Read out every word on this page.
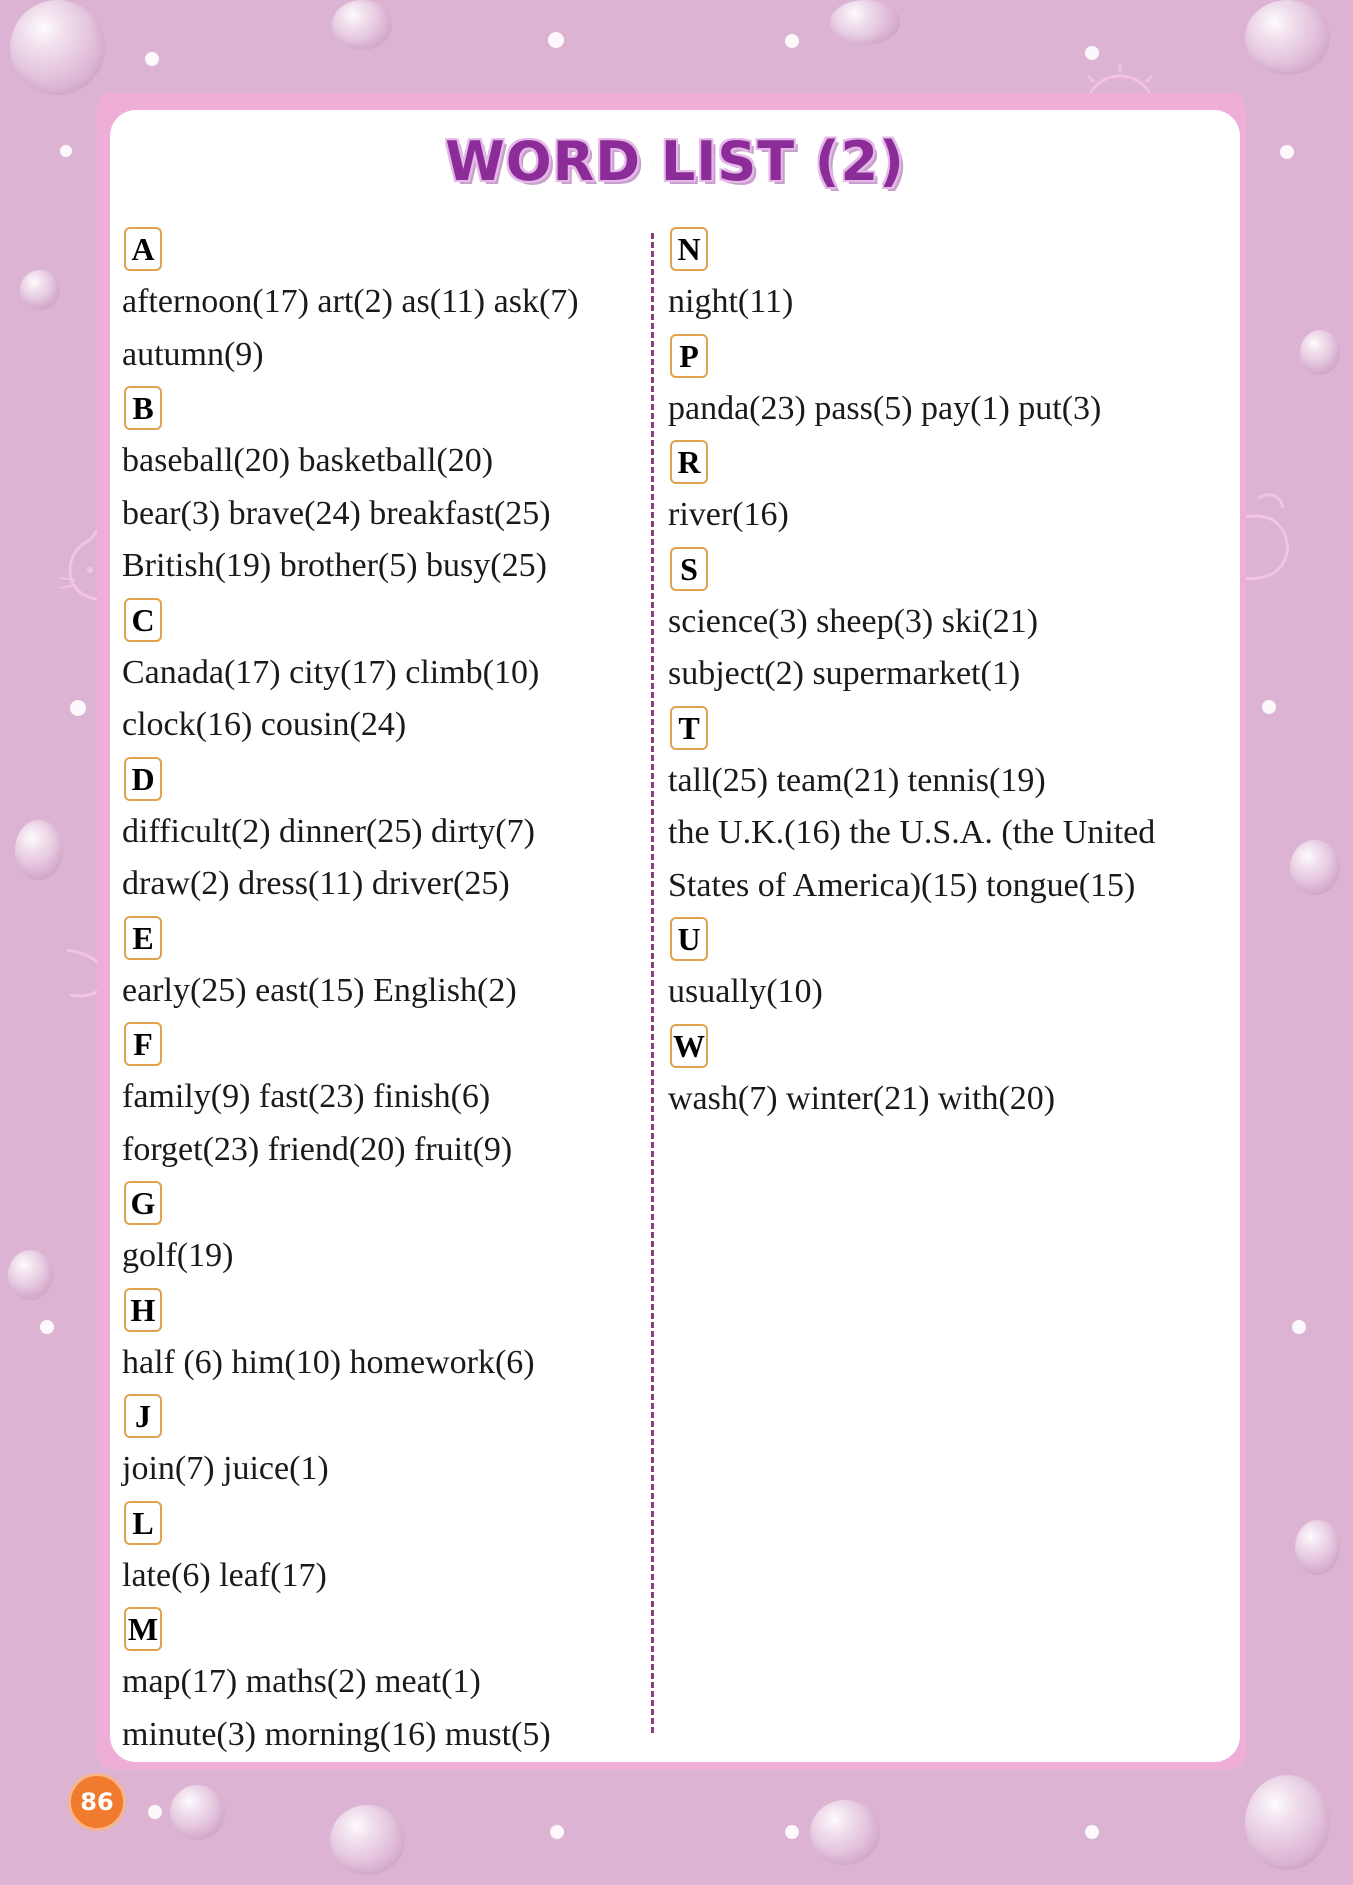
WORD LIST (2)
A
afternoon(17) art(2) as(11) ask(7)
autumn(9)
B
baseball(20) basketball(20)
bear(3) brave(24) breakfast(25)
British(19) brother(5) busy(25)
C
Canada(17) city(17) climb(10)
clock(16) cousin(24)
D
difficult(2) dinner(25) dirty(7)
draw(2) dress(11) driver(25)
E
early(25) east(15) English(2)
F
family(9) fast(23) finish(6)
forget(23) friend(20) fruit(9)
G
golf(19)
H
half (6) him(10) homework(6)
J
join(7) juice(1)
L
late(6) leaf(17)
M
map(17) maths(2) meat(1)
minute(3) morning(16) must(5)
N
night(11)
P
panda(23) pass(5) pay(1) put(3)
R
river(16)
S
science(3) sheep(3) ski(21)
subject(2) supermarket(1)
T
tall(25) team(21) tennis(19)
the U.K.(16) the U.S.A. (the United
States of America)(15) tongue(15)
U
usually(10)
W
wash(7) winter(21) with(20)
86
